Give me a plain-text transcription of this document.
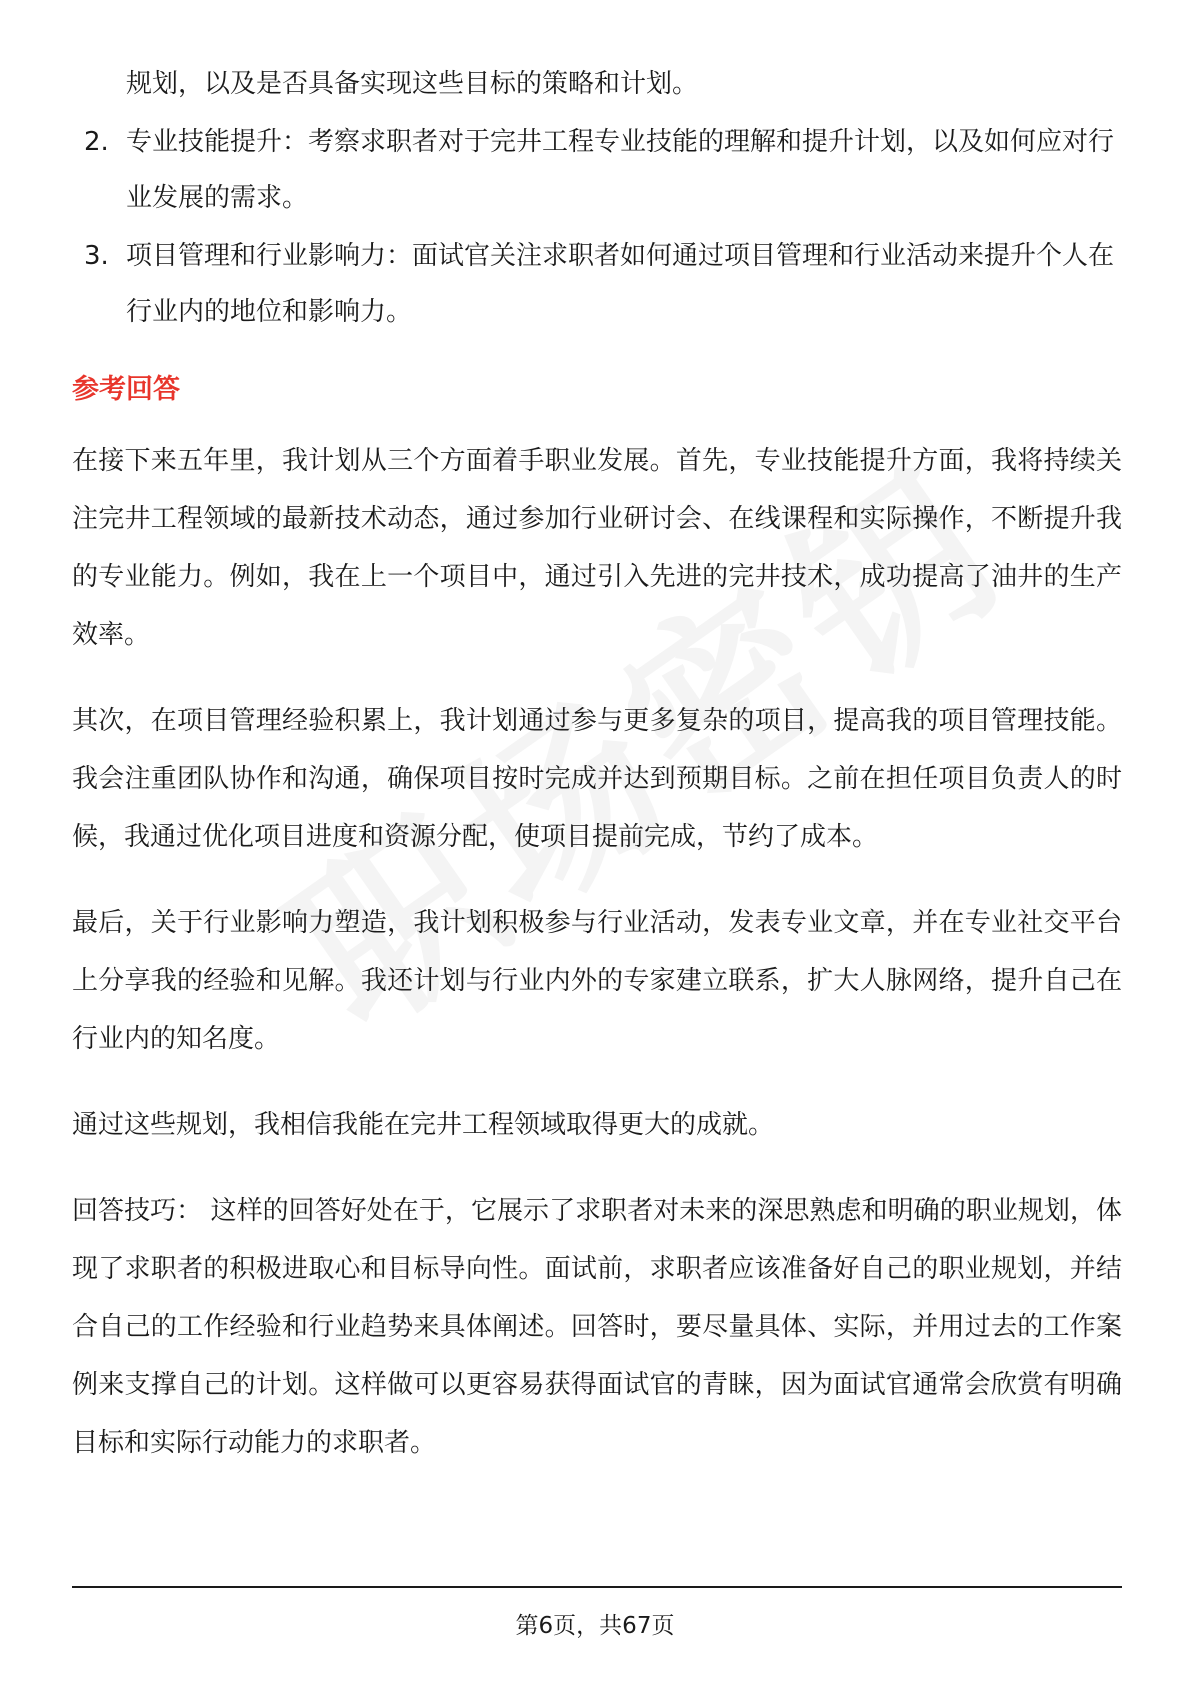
规划，以及是否具备实现这些目标的策略和计划。
2. 专业技能提升：考察求职者对于完井工程专业技能的理解和提升计划，以及如何应对行业发展的需求。
3. 项目管理和行业影响力：面试官关注求职者如何通过项目管理和行业活动来提升个人在行业内的地位和影响力。
参考回答

在接下来五年里，我计划从三个方面着手职业发展。首先，专业技能提升方面，我将持续关注完井工程领域的最新技术动态，通过参加行业研讨会、在线课程和实际操作，不断提升我的专业能力。例如，我在上一个项目中，通过引入先进的完井技术，成功提高了油井的生产效率。

其次，在项目管理经验积累上，我计划通过参与更多复杂的项目，提高我的项目管理技能。我会注重团队协作和沟通，确保项目按时完成并达到预期目标。之前在担任项目负责人的时候，我通过优化项目进度和资源分配，使项目提前完成，节约了成本。

最后，关于行业影响力塑造，我计划积极参与行业活动，发表专业文章，并在专业社交平台上分享我的经验和见解。我还计划与行业内外的专家建立联系，扩大人脉网络，提升自己在行业内的知名度。

通过这些规划，我相信我能在完井工程领域取得更大的成就。

回答技巧： 这样的回答好处在于，它展示了求职者对未来的深思熟虑和明确的职业规划，体现了求职者的积极进取心和目标导向性。面试前，求职者应该准备好自己的职业规划，并结合自己的工作经验和行业趋势来具体阐述。回答时，要尽量具体、实际，并用过去的工作案例来支撑自己的计划。这样做可以更容易获得面试官的青睐，因为面试官通常会欣赏有明确目标和实际行动能力的求职者。

第6页，共67页
